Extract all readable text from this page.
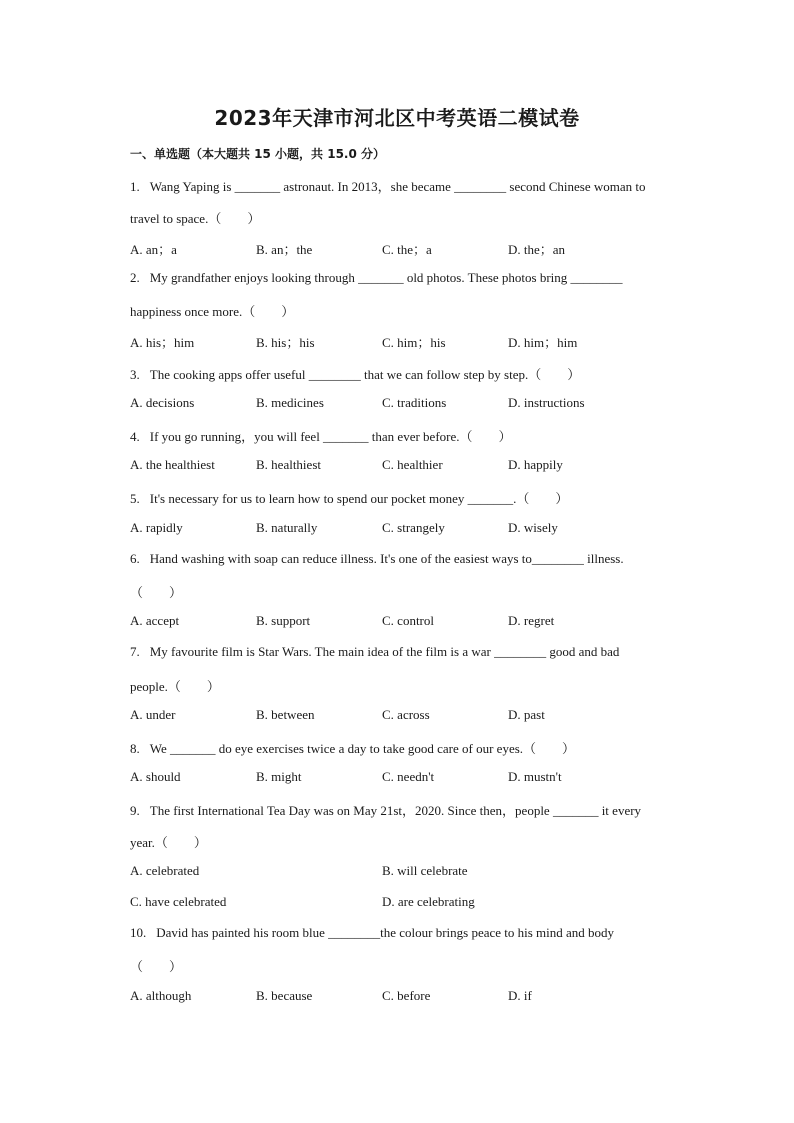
2023年天津市河北区中考英语二模试卷
一、单选题（本大题共 15 小题，共 15.0 分）
1. Wang Yaping is _______ astronaut. In 2013，she became ________ second Chinese woman to
travel to space.（　　）
A. an；a	B. an；the	C. the；a	D. the；an
2. My grandfather enjoys looking through _______ old photos. These photos bring ________
happiness once more.（　　）
A. his；him	B. his；his	C. him；his	D. him；him
3. The cooking apps offer useful ________ that we can follow step by step.（　　）
A. decisions	B. medicines	C. traditions	D. instructions
4. If you go running，you will feel _______ than ever before.（　　）
A. the healthiest	B. healthiest	C. healthier	D. happily
5. It's necessary for us to learn how to spend our pocket money _______.（　　）
A. rapidly	B. naturally	C. strangely	D. wisely
6. Hand washing with soap can reduce illness. It's one of the easiest ways to________ illness.
（　　）
A. accept	B. support	C. control	D. regret
7. My favourite film is Star Wars. The main idea of the film is a war ________ good and bad
people.（　　）
A. under	B. between	C. across	D. past
8. We _______ do eye exercises twice a day to take good care of our eyes.（　　）
A. should	B. might	C. needn't	D. mustn't
9. The first International Tea Day was on May 21st，2020. Since then，people _______ it every
year.（　　）
A. celebrated	B. will celebrate
C. have celebrated	D. are celebrating
10. David has painted his room blue ________the colour brings peace to his mind and body
（　　）
A. although	B. because	C. before	D. if
